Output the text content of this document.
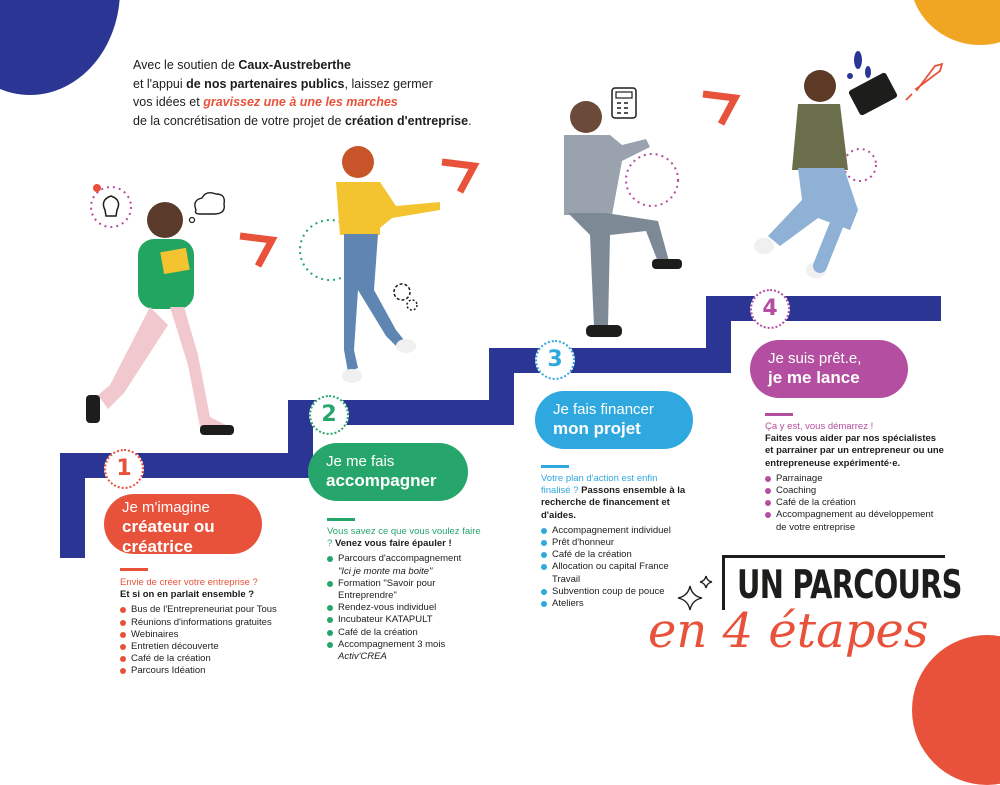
Avec le soutien de Caux-Austreberthe
et l'appui de nos partenaires publics, laissez germer
vos idées et gravissez une à une les marches
de la concrétisation de votre projet de création d'entreprise.
1
2
3
4
Je m'imagine
créateur ou créatrice
Je me fais
accompagner
Je fais financer
mon projet
Je suis prêt.e,
je me lance
Envie de créer votre entreprise ?
Et si on en parlait ensemble ?
Bus de l'Entrepreneuriat pour Tous
Réunions d'informations gratuites
Webinaires
Entretien découverte
Café de la création
Parcours Idéation
Vous savez ce que vous voulez faire ? Venez vous faire épauler !
Parcours d'accompagnement
"Ici je monte ma boite"
Formation "Savoir pour Entreprendre"
Rendez-vous individuel
Incubateur KATAPULT
Café de la création
Accompagnement 3 mois
Activ'CREA
Votre plan d'action est enfin finalisé ? Passons ensemble à la recherche de financement et d'aides.
Accompagnement individuel
Prêt d'honneur
Café de la création
Allocation ou capital France Travail
Subvention coup de pouce
Ateliers
Ça y est, vous démarrez !
Faites vous aider par nos spécialistes et parrainer par un entrepreneur ou une entrepreneuse expérimenté·e.
Parrainage
Coaching
Café de la création
Accompagnement au développement de votre entreprise
UN PARCOURS
en 4 étapes
